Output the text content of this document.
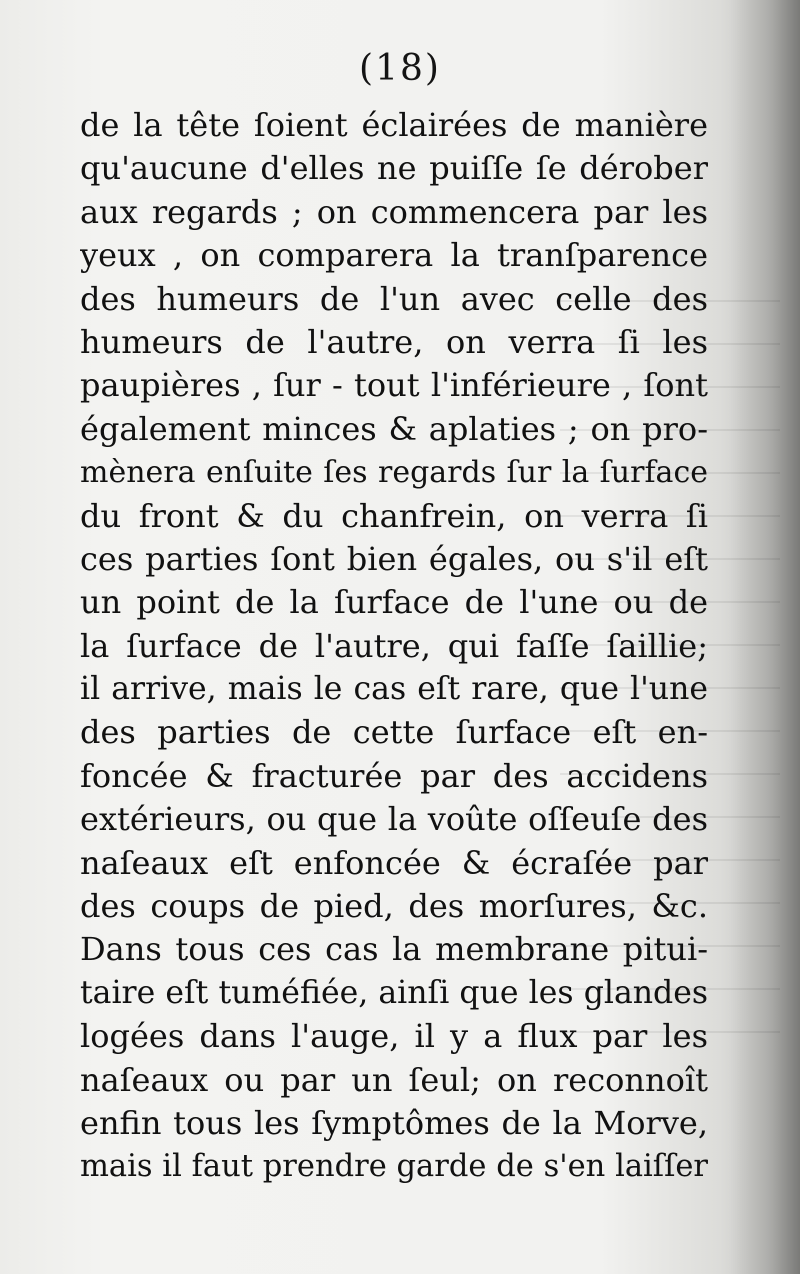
(18)

de la tête ſoient éclairées de manière
qu'aucune d'elles ne puiſſe ſe dérober
aux regards ; on commencera par les
yeux , on comparera la tranſparence
des humeurs de l'un avec celle des
humeurs de l'autre, on verra ſi les
paupières , ſur - tout l'inférieure , ſont
également minces & aplaties ; on pro-
mènera enſuite ſes regards ſur la ſurface
du front & du chanfrein, on verra ſi
ces parties ſont bien égales, ou s'il eſt
un point de la ſurface de l'une ou de
la ſurface de l'autre, qui faſſe ſaillie;
il arrive, mais le cas eſt rare, que l'une
des parties de cette ſurface eſt en-
foncée & fracturée par des accidens
extérieurs, ou que la voûte oſſeuſe des
naſeaux eſt enfoncée & écraſée par
des coups de pied, des morſures, &c.
Dans tous ces cas la membrane pitui-
taire eſt tuméfiée, ainſi que les glandes
logées dans l'auge, il y a flux par les
naſeaux ou par un ſeul; on reconnoît
enfin tous les ſymptômes de la Morve,
mais il faut prendre garde de s'en laiſſer
